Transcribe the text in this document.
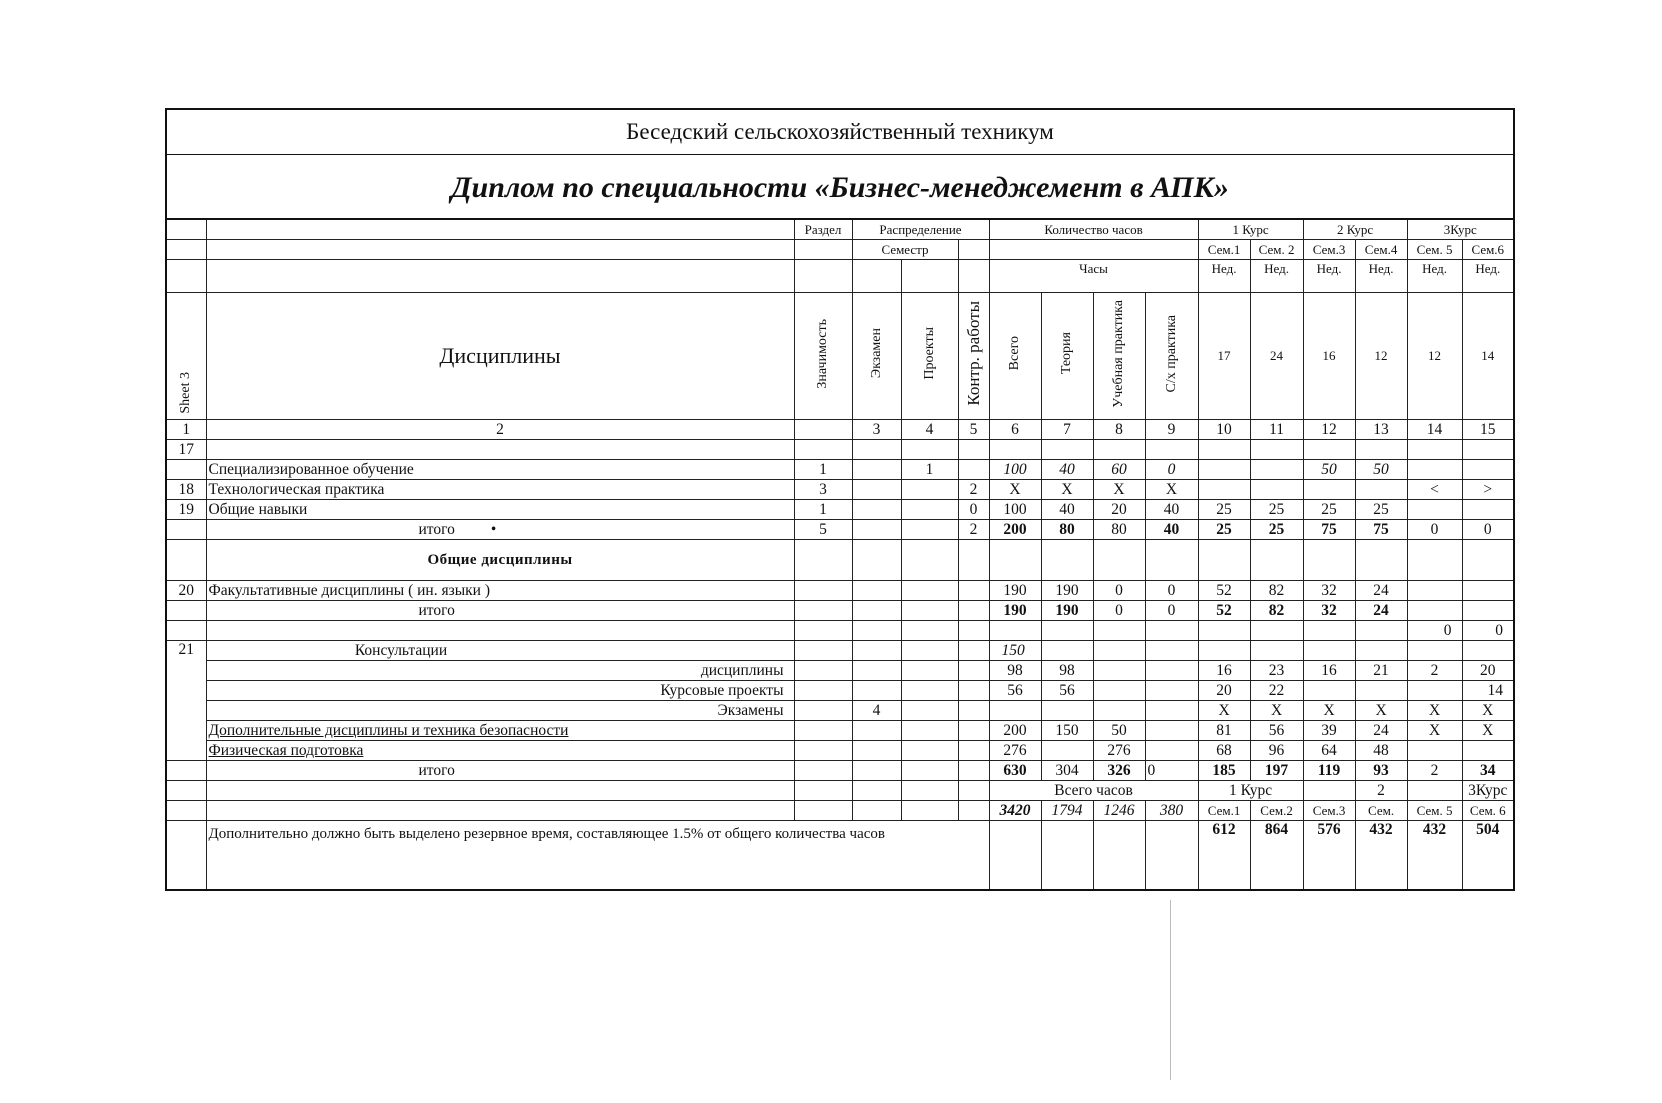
Беседский сельскохозяйственный техникум
Диплом по специальности «Бизнес-менеджемент в АПК»
		Раздел	Распределение			Количество часов				1 Курс		2 Курс		3Курс	
			Семестр							Сем.1	Сем. 2	Сем.3	Сем.4	Сем. 5	Сем.6
						Часы				Нед.	Нед.	Нед.	Нед.	Нед.	Нед.
Sheet 3	Дисциплины	Значимость	Экзамен	Проекты	Контр. работы	Всего	Теория	Учебная практика	С/х практика	17	24	16	12	12	14
1	2		3	4	5	6	7	8	9	10	11	12	13	14	15
17															
	Специализированное обучение	1		1		100	40	60	0			50	50		
18	Технологическая практика	3			2	X	X	X	X					<	>
19	Общие навыки	1			0	100	40	20	40	25	25	25	25		
	итого •	5			2	200	80	80	40	25	25	75	75	0	0
	Общие дисциплины														
20	Факультативные дисциплины ( ин. языки )					190	190	0	0	52	82	32	24		
	итого					190	190	0	0	52	82	32	24		
														0	0
21	Консультации					150									
	дисциплины					98	98			16	23	16	21	2	20
	Курсовые проекты					56	56			20	22				14
	Экзамены		4							X	X	X	X	X	X
	Дополнительные дисциплины и техника безопасности					200	150	50		81	56	39	24	X	X
	Физическая подготовка					276		276		68	96	64	48		
	итого					630	304	326	0	185	197	119	93	2	34
						Всего часов				1 Курс			2		3Курс
						3420	1794	1246	380	Сем.1	Сем.2	Сем.3	Сем.	Сем. 5	Сем. 6
	Дополнительно должно быть выделено резервное время, составляющее 1.5% от общего количества часов									612	864	576	432	432	504
